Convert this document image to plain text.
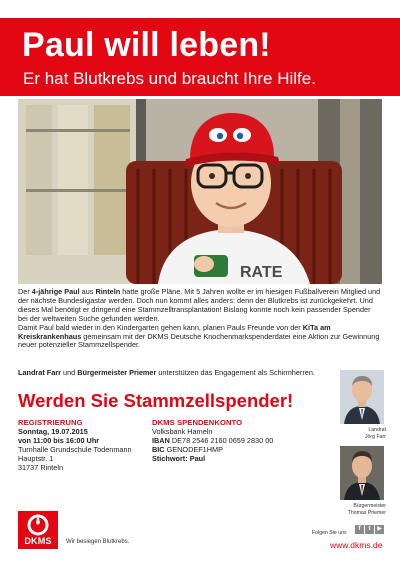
Paul will leben!
Er hat Blutkrebs und braucht Ihre Hilfe.
RATE

Der 4-jährige Paul aus Rinteln hatte große Pläne. Mit 5 Jahren wollte er im hiesigen Fußballverein Mitglied und der nächste Bundesligastar werden. Doch nun kommt alles anders: denn der Blutkrebs ist zurückgekehrt. Und dieses Mal benötigt er dringend eine Stammzelltransplantation! Bislang konnte noch kein passender Spender bei der weltweiten Suche gefunden werden.

Damit Paul bald wieder in den Kindergarten gehen kann, planen Pauls Freunde von der KiTa am Kreiskrankenhaus gemeinsam mit der DKMS Deutsche Knochenmarkspenderdatei eine Aktion zur Gewinnung neuer potenzieller Stammzellspender.

Landrat Farr und Bürgermeister Priemer unterstützen das Engagement als Schirmherren.
Werden Sie Stammzellspender!
REGISTRIERUNG
Sonntag, 19.07.2015
von 11:00 bis 16:00 Uhr
Turnhalle Grundschule Todenmann
Hauptstr. 1
31737 Rinteln
DKMS SPENDENKONTO
Volksbank Hameln
IBAN DE78 2546 2160 0659 2830 00
BIC GENODEF1HMP
Stichwort: Paul
Landrat
Jörg Farr
Bürgermeister
Thomas Priemer
DKMS	Wir besiegen Blutkrebs.
Folgen Sie uns
f	t	▶
www.dkms.de
